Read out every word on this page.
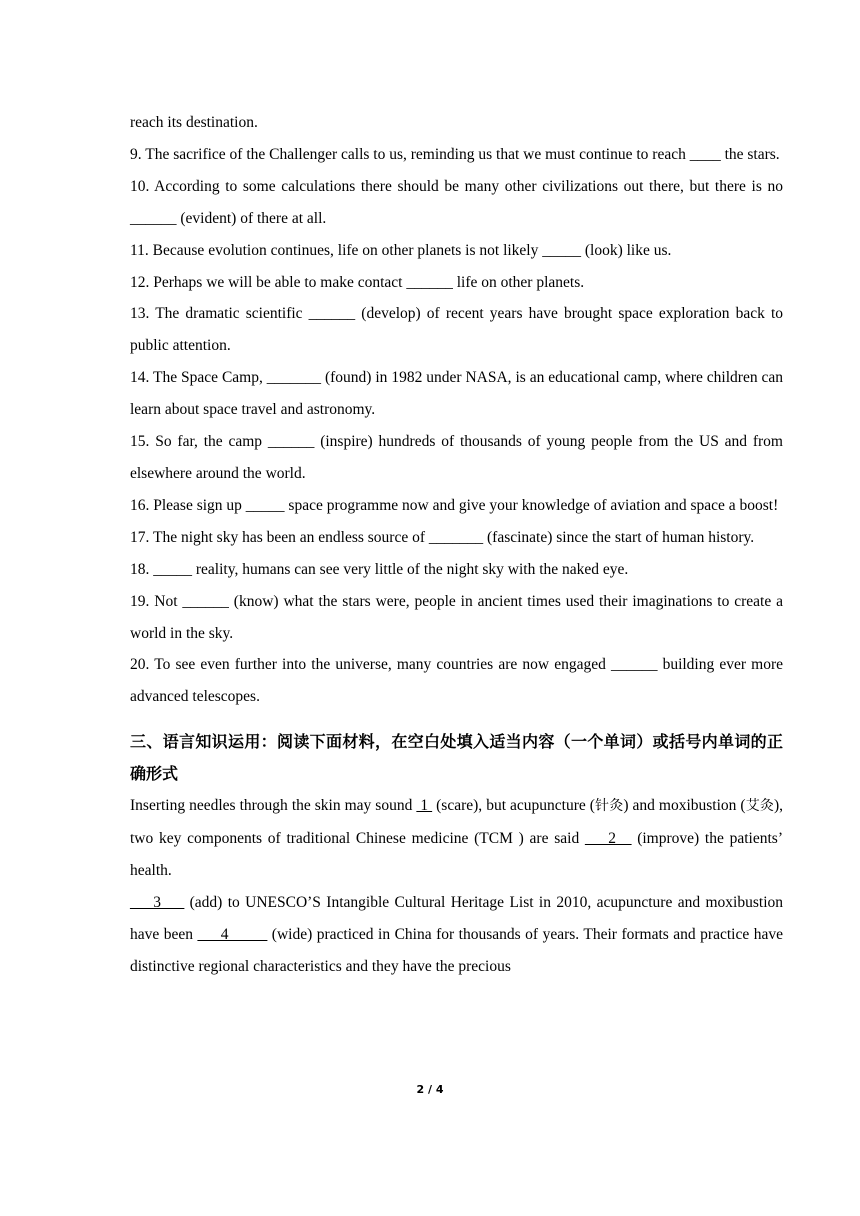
reach its destination.

9. The sacrifice of the Challenger calls to us, reminding us that we must continue to reach ____ the stars.

10. According to some calculations there should be many other civilizations out there, but there is no ______ (evident) of there at all.

11. Because evolution continues, life on other planets is not likely _____ (look) like us.

12. Perhaps we will be able to make contact ______ life on other planets.

13. The dramatic scientific ______ (develop) of recent years have brought space exploration back to public attention.

14. The Space Camp, _______ (found) in 1982 under NASA, is an educational camp, where children can learn about space travel and astronomy.

15. So far, the camp ______ (inspire) hundreds of thousands of young people from the US and from elsewhere around the world.

16. Please sign up _____ space programme now and give your knowledge of aviation and space a boost!

17. The night sky has been an endless source of _______ (fascinate) since the start of human history.

18. _____ reality, humans can see very little of the night sky with the naked eye.

19. Not ______ (know) what the stars were, people in ancient times used their imaginations to create a world in the sky.

20. To see even further into the universe, many countries are now engaged ______ building ever more advanced telescopes.

三、语言知识运用：阅读下面材料，在空白处填入适当内容（一个单词）或括号内单词的正确形式

Inserting needles through the skin may sound  1  (scare), but acupuncture (针灸) and moxibustion (艾灸), two key components of traditional Chinese medicine (TCM ) are said ___2__ (improve) the patients’ health.

___3___ (add) to UNESCO’S Intangible Cultural Heritage List in 2010, acupuncture and moxibustion have been ___4_____ (wide) practiced in China for thousands of years. Their formats and practice have distinctive regional characteristics and they have the precious

2 / 4
